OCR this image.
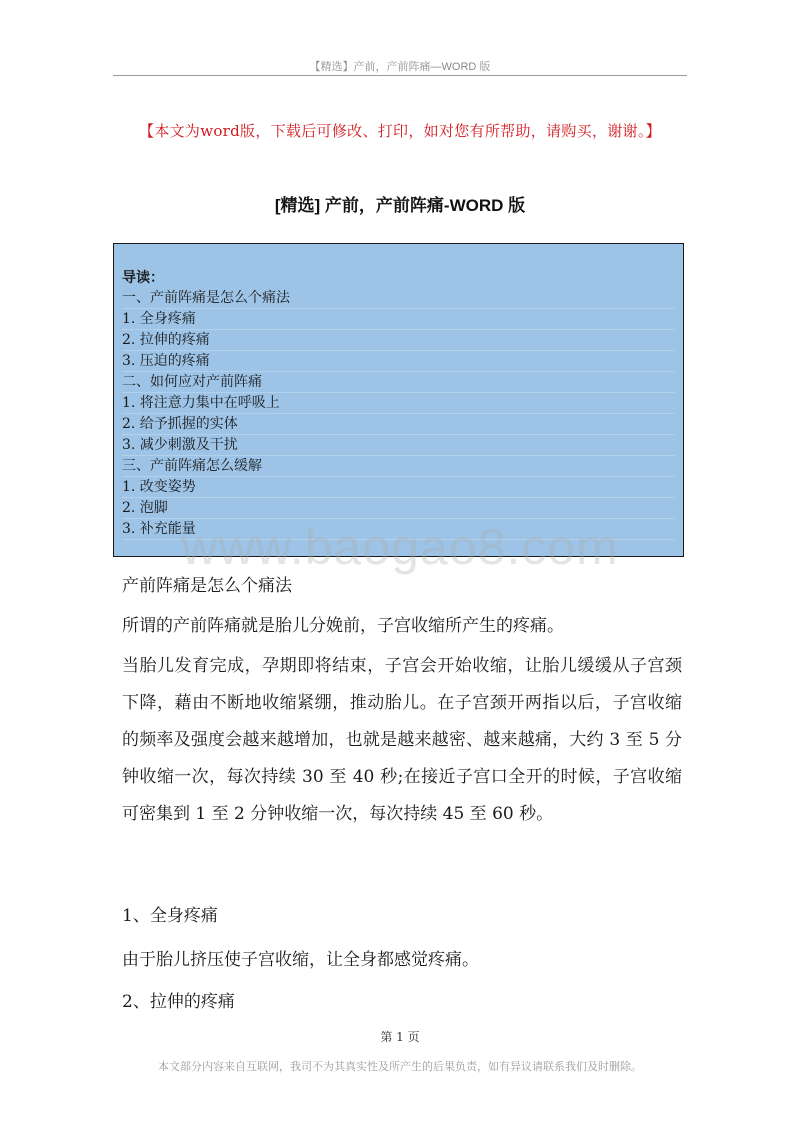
【精选】产前，产前阵痛—WORD 版
【本文为word版，下载后可修改、打印，如对您有所帮助，请购买，谢谢。】
[精选] 产前，产前阵痛-WORD 版
导读：
一、产前阵痛是怎么个痛法
1. 全身疼痛
2. 拉伸的疼痛
3. 压迫的疼痛
二、如何应对产前阵痛
1. 将注意力集中在呼吸上
2. 给予抓握的实体
3. 减少刺激及干扰
三、产前阵痛怎么缓解
1. 改变姿势
2. 泡脚
3. 补充能量
www.baogao8.com
产前阵痛是怎么个痛法
所谓的产前阵痛就是胎儿分娩前，子宫收缩所产生的疼痛。
当胎儿发育完成，孕期即将结束，子宫会开始收缩，让胎儿缓缓从子宫颈下降，藉由不断地收缩紧绷，推动胎儿。在子宫颈开两指以后，子宫收缩的频率及强度会越来越增加，也就是越来越密、越来越痛，大约 3 至 5 分钟收缩一次，每次持续 30 至 40 秒;在接近子宫口全开的时候，子宫收缩可密集到 1 至 2 分钟收缩一次，每次持续 45 至 60 秒。
1、全身疼痛
由于胎儿挤压使子宫收缩，让全身都感觉疼痛。
2、拉伸的疼痛
第 1 页
本文部分内容来自互联网，我司不为其真实性及所产生的后果负责，如有异议请联系我们及时删除。
